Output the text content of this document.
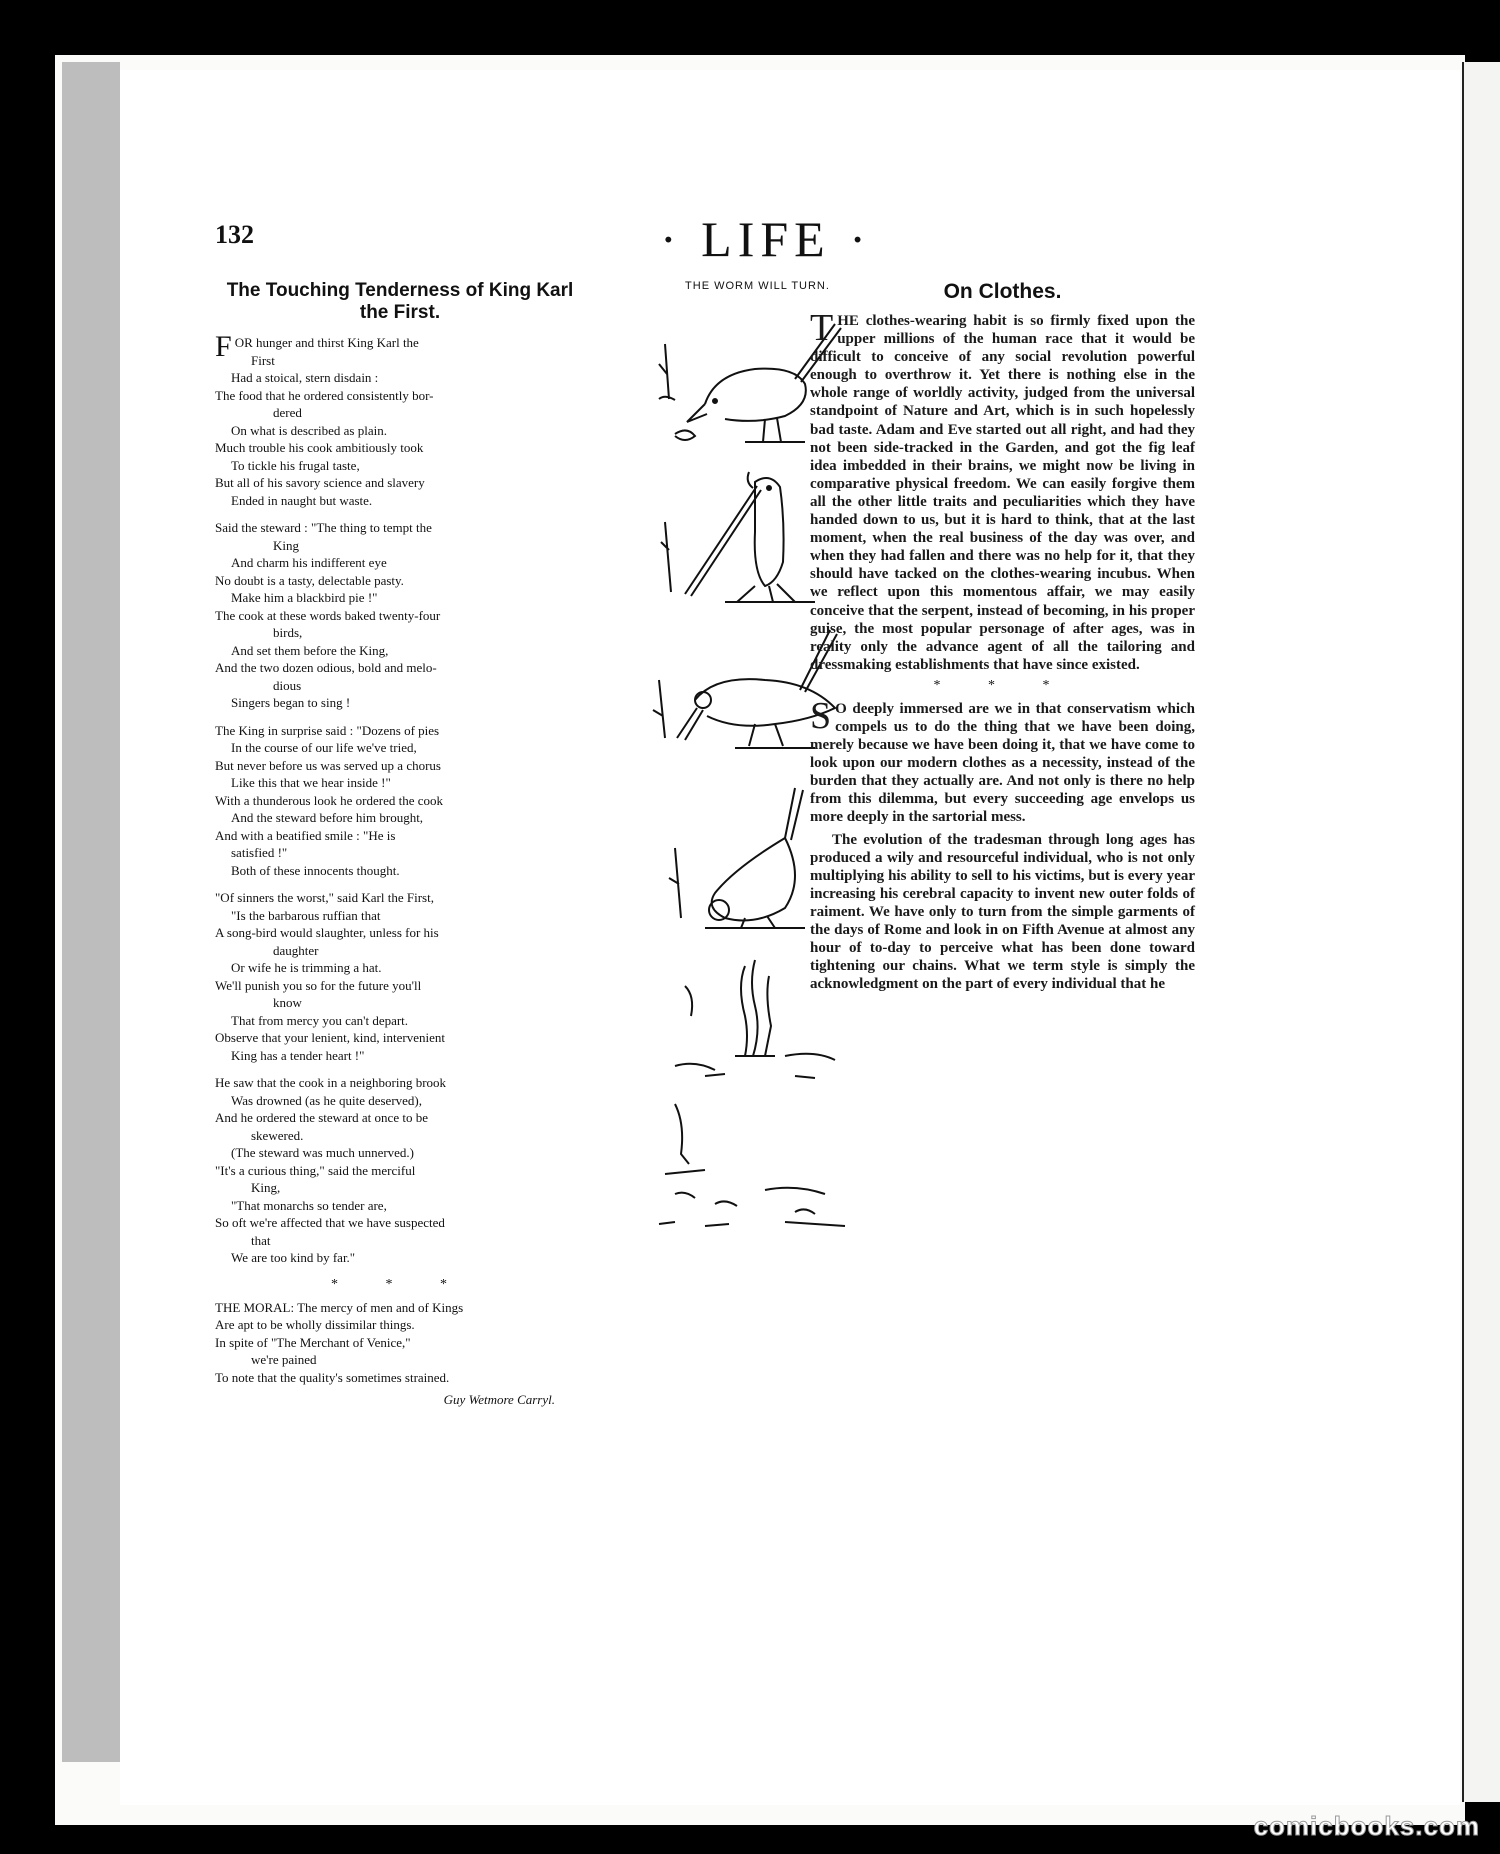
132	· LIFE ·
The Touching Tenderness of King Karl the First.
FOR hunger and thirst King Karl the
First
Had a stoical, stern disdain :
The food that he ordered consistently bor-
dered
On what is described as plain.
Much trouble his cook ambitiously took
To tickle his frugal taste,
But all of his savory science and slavery
Ended in naught but waste.
Said the steward : "The thing to tempt the
King
And charm his indifferent eye
No doubt is a tasty, delectable pasty.
Make him a blackbird pie !"
The cook at these words baked twenty-four
birds,
And set them before the King,
And the two dozen odious, bold and melo-
dious
Singers began to sing !
The King in surprise said : "Dozens of pies
In the course of our life we've tried,
But never before us was served up a chorus
Like this that we hear inside !"
With a thunderous look he ordered the cook
And the steward before him brought,
And with a beatified smile : "He is
satisfied !"
Both of these innocents thought.
"Of sinners the worst," said Karl the First,
"Is the barbarous ruffian that
A song-bird would slaughter, unless for his
daughter
Or wife he is trimming a hat.
We'll punish you so for the future you'll
know
That from mercy you can't depart.
Observe that your lenient, kind, intervenient
King has a tender heart !"
He saw that the cook in a neighboring brook
Was drowned (as he quite deserved),
And he ordered the steward at once to be
skewered.
(The steward was much unnerved.)
"It's a curious thing," said the merciful
King,
"That monarchs so tender are,
So oft we're affected that we have suspected
that
We are too kind by far."
* * *
THE MORAL: The mercy of men and of Kings
Are apt to be wholly dissimilar things.
In spite of "The Merchant of Venice,"
we're pained
To note that the quality's sometimes strained.
Guy Wetmore Carryl.
THE WORM WILL TURN.	On Clothes.

THE clothes-wearing habit is so firmly fixed upon the upper millions of the human race that it would be difficult to conceive of any social revolution powerful enough to overthrow it. Yet there is nothing else in the whole range of worldly activity, judged from the universal standpoint of Nature and Art, which is in such hopelessly bad taste. Adam and Eve started out all right, and had they not been side-tracked in the Garden, and got the fig leaf idea imbedded in their brains, we might now be living in comparative physical freedom. We can easily forgive them all the other little traits and peculiarities which they have handed down to us, but it is hard to think, that at the last moment, when the real business of the day was over, and when they had fallen and there was no help for it, that they should have tacked on the clothes-wearing incubus. When we reflect upon this momentous affair, we may easily conceive that the serpent, instead of becoming, in his proper guise, the most popular personage of after ages, was in reality only the advance agent of all the tailoring and dressmaking establishments that have since existed.

* * *

S O deeply immersed are we in that conservatism which compels us to do the thing that we have been doing, merely because we have been doing it, that we have come to look upon our modern clothes as a necessity, instead of the burden that they actually are. And not only is there no help from this dilemma, but every succeeding age envelops us more deeply in the sartorial mess.

The evolution of the tradesman through long ages has produced a wily and resourceful individual, who is not only multiplying his ability to sell to his victims, but is every year increasing his cerebral capacity to invent new outer folds of raiment. We have only to turn from the simple garments of the days of Rome and look in on Fifth Avenue at almost any hour of to-day to perceive what has been done toward tightening our chains. What we term style is simply the acknowledgment on the part of every individual that he

comicbooks.com
